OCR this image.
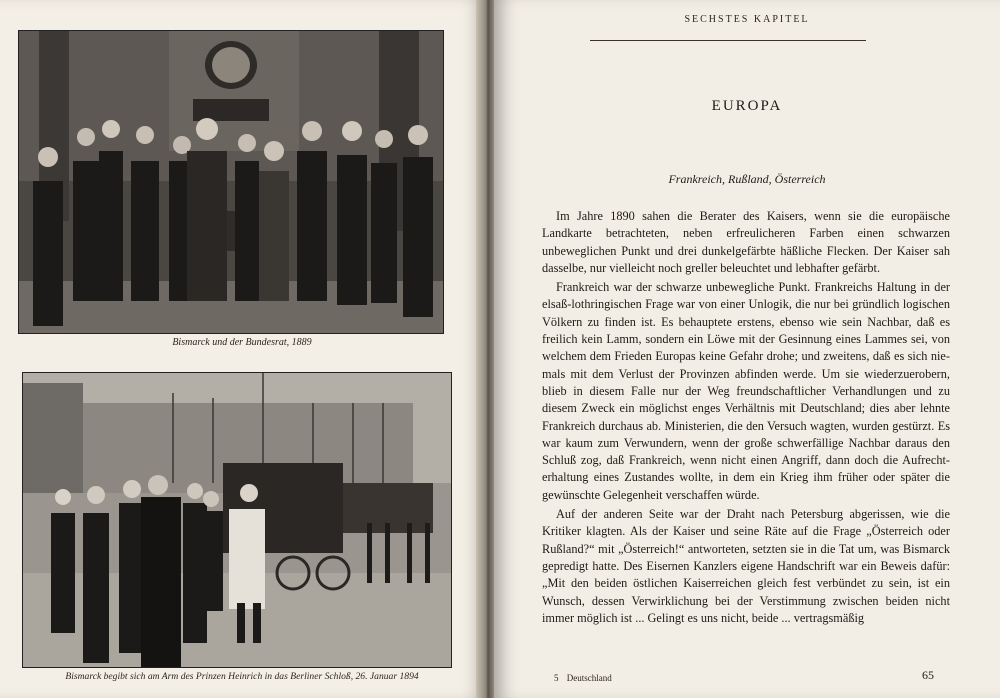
Bismarck und der Bundesrat, 1889
Bismarck begibt sich am Arm des Prinzen Heinrich in das Berliner Schloß, 26. Januar 1894
SECHSTES KAPITEL
EUROPA
Frankreich, Rußland, Österreich

Im Jahre 1890 sahen die Berater des Kaisers, wenn sie die europäische Landkarte betrachteten, neben erfreulicheren Farben einen schwarzen unbeweglichen Punkt und drei dunkelgefärbte häßliche Flecken. Der Kaiser sah dasselbe, nur vielleicht noch greller beleuchtet und lebhafter gefärbt.

Frankreich war der schwarze unbewegliche Punkt. Frankreichs Haltung in der elsaß-lothringischen Frage war von einer Unlogik, die nur bei gründlich logischen Völkern zu finden ist. Es behauptete erstens, ebenso wie sein Nachbar, daß es freilich kein Lamm, sondern ein Löwe mit der Gesinnung eines Lammes sei, von welchem dem Frieden Europas keine Gefahr drohe; und zweitens, daß es sich niemals mit dem Verlust der Provinzen abfinden werde. Um sie wiederzuerobern, blieb in diesem Falle nur der Weg freundschaftlicher Verhandlungen und zu diesem Zweck ein möglichst enges Verhältnis mit Deutschland; dies aber lehnte Frankreich durchaus ab. Ministerien, die den Versuch wagten, wurden gestürzt. Es war kaum zum Verwundern, wenn der große schwerfällige Nachbar daraus den Schluß zog, daß Frankreich, wenn nicht einen Angriff, dann doch die Aufrechterhaltung eines Zustandes wollte, in dem ein Krieg ihm früher oder später die gewünschte Gelegenheit verschaffen würde.

Auf der anderen Seite war der Draht nach Petersburg abgerissen, wie die Kritiker klagten. Als der Kaiser und seine Räte auf die Frage „Österreich oder Rußland?“ mit „Österreich!“ antworteten, setzten sie in die Tat um, was Bismarck gepredigt hatte. Des Eisernen Kanzlers eigene Handschrift war ein Beweis dafür: „Mit den beiden östlichen Kaiserreichen gleich fest verbündet zu sein, ist ein Wunsch, dessen Verwirklichung bei der Verstimmung zwischen beiden nicht immer möglich ist ... Gelingt es uns nicht, beide ... vertragsmäßig

5 Deutschland	65
